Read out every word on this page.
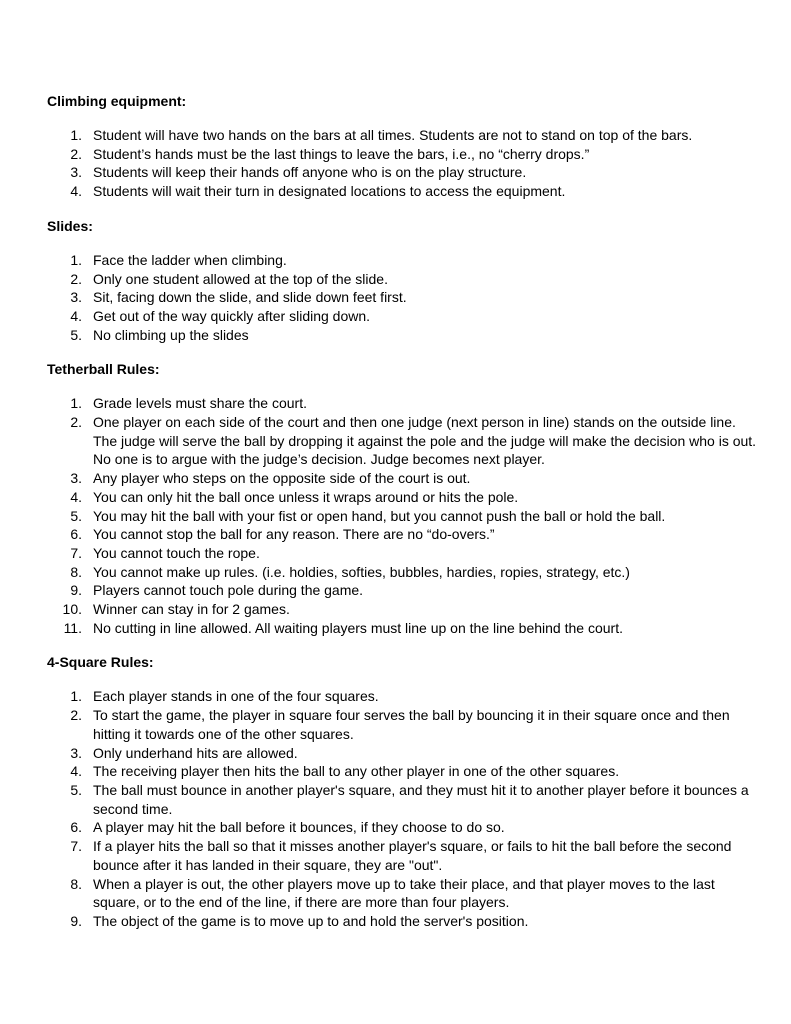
Climbing equipment:
1. Student will have two hands on the bars at all times. Students are not to stand on top of the bars.
2. Student’s hands must be the last things to leave the bars, i.e., no “cherry drops.”
3. Students will keep their hands off anyone who is on the play structure.
4. Students will wait their turn in designated locations to access the equipment.
Slides:
1. Face the ladder when climbing.
2. Only one student allowed at the top of the slide.
3. Sit, facing down the slide, and slide down feet first.
4. Get out of the way quickly after sliding down.
5. No climbing up the slides
Tetherball Rules:
1. Grade levels must share the court.
2. One player on each side of the court and then one judge (next person in line) stands on the outside line. The judge will serve the ball by dropping it against the pole and the judge will make the decision who is out. No one is to argue with the judge’s decision. Judge becomes next player.
3. Any player who steps on the opposite side of the court is out.
4. You can only hit the ball once unless it wraps around or hits the pole.
5. You may hit the ball with your fist or open hand, but you cannot push the ball or hold the ball.
6. You cannot stop the ball for any reason. There are no “do-overs.”
7. You cannot touch the rope.
8. You cannot make up rules. (i.e. holdies, softies, bubbles, hardies, ropies, strategy, etc.)
9. Players cannot touch pole during the game.
10. Winner can stay in for 2 games.
11. No cutting in line allowed. All waiting players must line up on the line behind the court.
4-Square Rules:
1. Each player stands in one of the four squares.
2. To start the game, the player in square four serves the ball by bouncing it in their square once and then hitting it towards one of the other squares.
3. Only underhand hits are allowed.
4. The receiving player then hits the ball to any other player in one of the other squares.
5. The ball must bounce in another player's square, and they must hit it to another player before it bounces a second time.
6. A player may hit the ball before it bounces, if they choose to do so.
7. If a player hits the ball so that it misses another player's square, or fails to hit the ball before the second bounce after it has landed in their square, they are "out".
8. When a player is out, the other players move up to take their place, and that player moves to the last square, or to the end of the line, if there are more than four players.
9. The object of the game is to move up to and hold the server's position.
